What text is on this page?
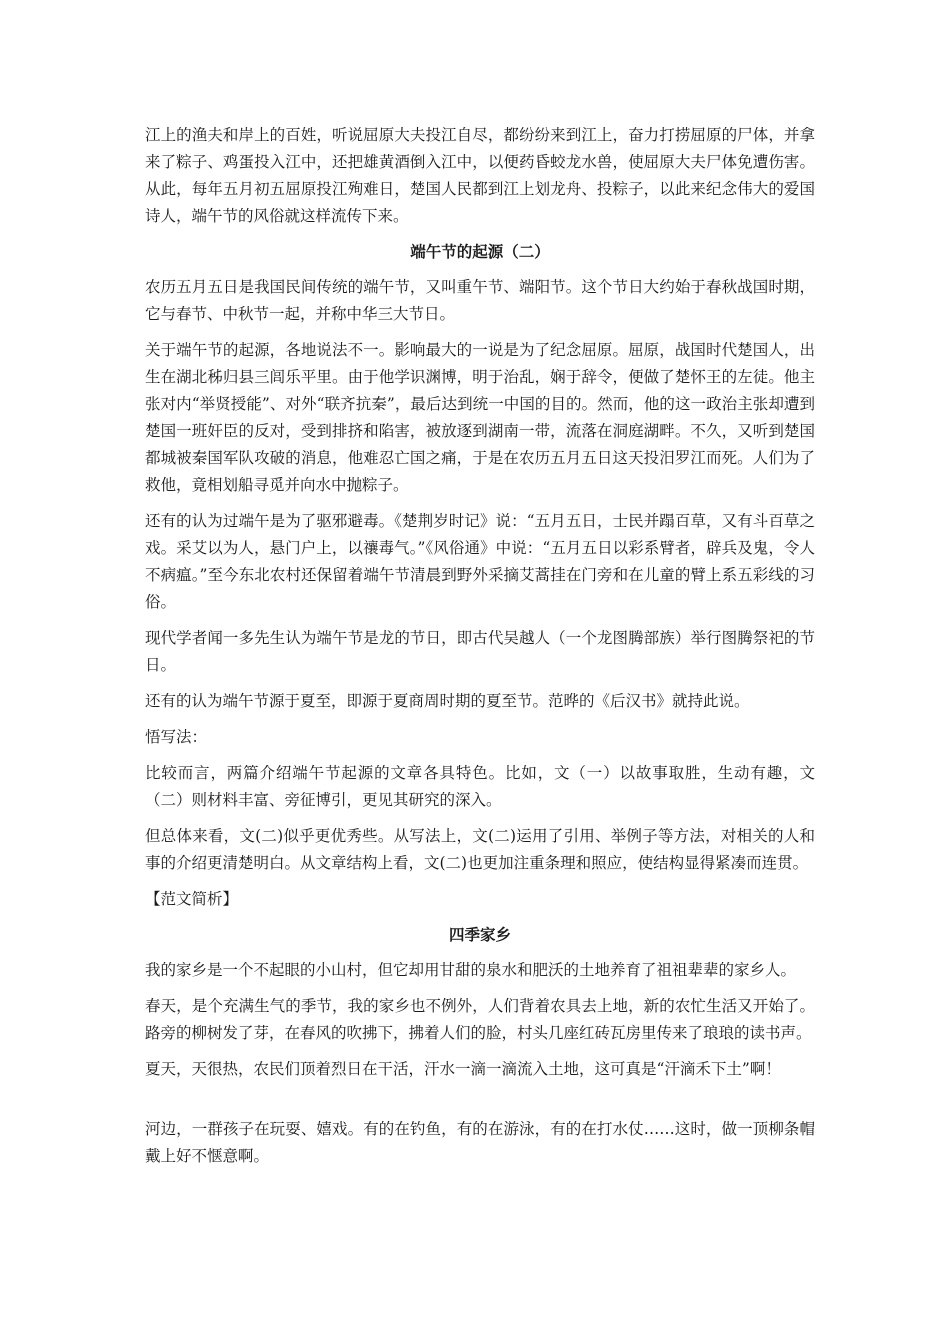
江上的渔夫和岸上的百姓，听说屈原大夫投江自尽，都纷纷来到江上，奋力打捞屈原的尸体，并拿来了粽子、鸡蛋投入江中，还把雄黄酒倒入江中，以便药昏蛟龙水兽，使屈原大夫尸体免遭伤害。从此，每年五月初五屈原投江殉难日，楚国人民都到江上划龙舟、投粽子，以此来纪念伟大的爱国诗人，端午节的风俗就这样流传下来。

端午节的起源（二）

农历五月五日是我国民间传统的端午节，又叫重午节、端阳节。这个节日大约始于春秋战国时期，它与春节、中秋节一起，并称中华三大节日。

关于端午节的起源，各地说法不一。影响最大的一说是为了纪念屈原。屈原，战国时代楚国人，出生在湖北秭归县三闾乐平里。由于他学识渊博，明于治乱，娴于辞令，便做了楚怀王的左徒。他主张对内“举贤授能”、对外“联齐抗秦”，最后达到统一中国的目的。然而，他的这一政治主张却遭到楚国一班奸臣的反对，受到排挤和陷害，被放逐到湖南一带，流落在洞庭湖畔。不久，又听到楚国都城被秦国军队攻破的消息，他难忍亡国之痛，于是在农历五月五日这天投汨罗江而死。人们为了救他，竟相划船寻觅并向水中抛粽子。

还有的认为过端午是为了驱邪避毒。《楚荆岁时记》说：“五月五日，士民并蹋百草，又有斗百草之戏。采艾以为人，悬门户上，以禳毒气。”《风俗通》中说：“五月五日以彩系臂者，辟兵及鬼，令人不病瘟。”至今东北农村还保留着端午节清晨到野外采摘艾蒿挂在门旁和在儿童的臂上系五彩线的习俗。

现代学者闻一多先生认为端午节是龙的节日，即古代吴越人（一个龙图腾部族）举行图腾祭祀的节日。

还有的认为端午节源于夏至，即源于夏商周时期的夏至节。范晔的《后汉书》就持此说。

悟写法：

比较而言，两篇介绍端午节起源的文章各具特色。比如，文（一）以故事取胜，生动有趣，文（二）则材料丰富、旁征博引，更见其研究的深入。

但总体来看，文(二)似乎更优秀些。从写法上，文(二)运用了引用、举例子等方法，对相关的人和事的介绍更清楚明白。从文章结构上看，文(二)也更加注重条理和照应，使结构显得紧凑而连贯。

【范文简析】

四季家乡

我的家乡是一个不起眼的小山村，但它却用甘甜的泉水和肥沃的土地养育了祖祖辈辈的家乡人。

春天，是个充满生气的季节，我的家乡也不例外，人们背着农具去上地，新的农忙生活又开始了。路旁的柳树发了芽，在春风的吹拂下，拂着人们的脸，村头几座红砖瓦房里传来了琅琅的读书声。

夏天，天很热，农民们顶着烈日在干活，汗水一滴一滴流入土地，这可真是“汗滴禾下土”啊！

河边，一群孩子在玩耍、嬉戏。有的在钓鱼，有的在游泳，有的在打水仗……这时，做一顶柳条帽戴上好不惬意啊。
